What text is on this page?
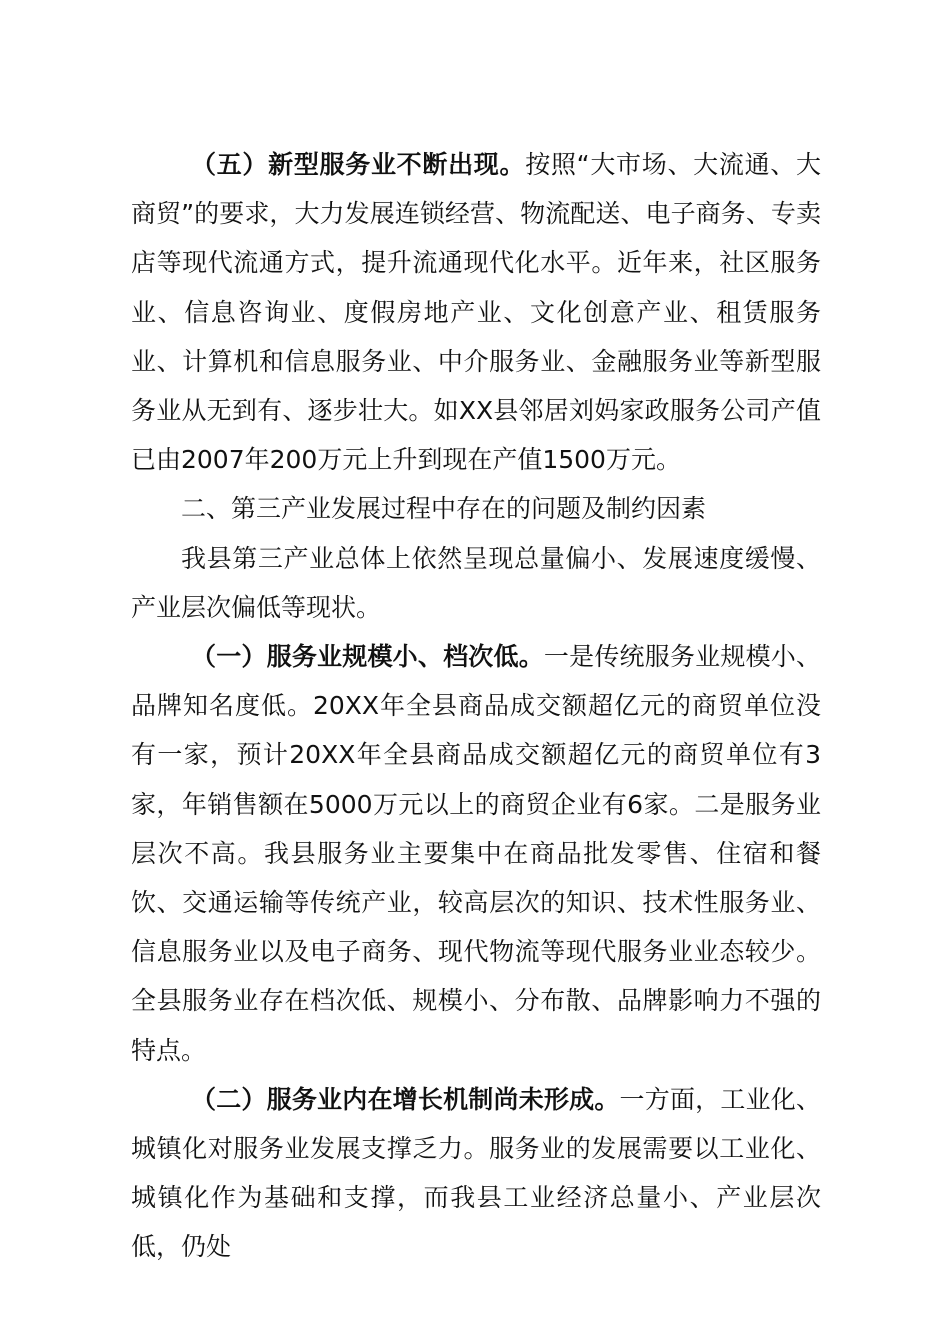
（五）新型服务业不断出现。按照“大市场、大流通、大商贸”的要求，大力发展连锁经营、物流配送、电子商务、专卖店等现代流通方式，提升流通现代化水平。近年来，社区服务业、信息咨询业、度假房地产业、文化创意产业、租赁服务业、计算机和信息服务业、中介服务业、金融服务业等新型服务业从无到有、逐步壮大。如XX县邻居刘妈家政服务公司产值已由2007年200万元上升到现在产值1500万元。

二、第三产业发展过程中存在的问题及制约因素

我县第三产业总体上依然呈现总量偏小、发展速度缓慢、产业层次偏低等现状。

（一）服务业规模小、档次低。一是传统服务业规模小、品牌知名度低。20XX年全县商品成交额超亿元的商贸单位没有一家，预计20XX年全县商品成交额超亿元的商贸单位有3家，年销售额在5000万元以上的商贸企业有6家。二是服务业层次不高。我县服务业主要集中在商品批发零售、住宿和餐饮、交通运输等传统产业，较高层次的知识、技术性服务业、信息服务业以及电子商务、现代物流等现代服务业业态较少。全县服务业存在档次低、规模小、分布散、品牌影响力不强的特点。

（二）服务业内在增长机制尚未形成。一方面，工业化、城镇化对服务业发展支撑乏力。服务业的发展需要以工业化、城镇化作为基础和支撑，而我县工业经济总量小、产业层次低，仍处
